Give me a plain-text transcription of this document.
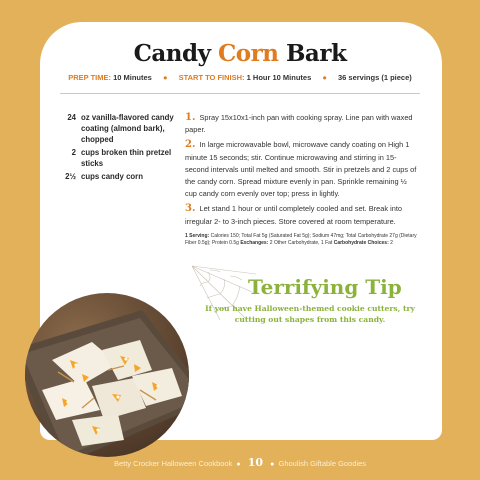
Candy Corn Bark
PREP TIME: 10 Minutes ● START TO FINISH: 1 Hour 10 Minutes ● 36 servings (1 piece)
24 oz vanilla-flavored candy coating (almond bark), chopped
2 cups broken thin pretzel sticks
2½ cups candy corn
1. Spray 15x10x1-inch pan with cooking spray. Line pan with waxed paper.
2. In large microwavable bowl, microwave candy coating on High 1 minute 15 seconds; stir. Continue microwaving and stirring in 15-second intervals until melted and smooth. Stir in pretzels and 2 cups of the candy corn. Spread mixture evenly in pan. Sprinkle remaining ½ cup candy corn evenly over top; press in lightly.
3. Let stand 1 hour or until completely cooled and set. Break into irregular 2- to 3-inch pieces. Store covered at room temperature.
1 Serving: Calories 150; Total Fat 5g (Saturated Fat 5g); Sodium 47mg; Total Carbohydrate 27g (Dietary Fiber 0.5g); Protein 0.5g Exchanges: 2 Other Carbohydrate, 1 Fat Carbohydrate Choices: 2
Terrifying Tip
If you have Halloween-themed cookie cutters, try cutting out shapes from this candy.
Betty Crocker Halloween Cookbook ● 10 ● Ghoulish Giftable Goodies
